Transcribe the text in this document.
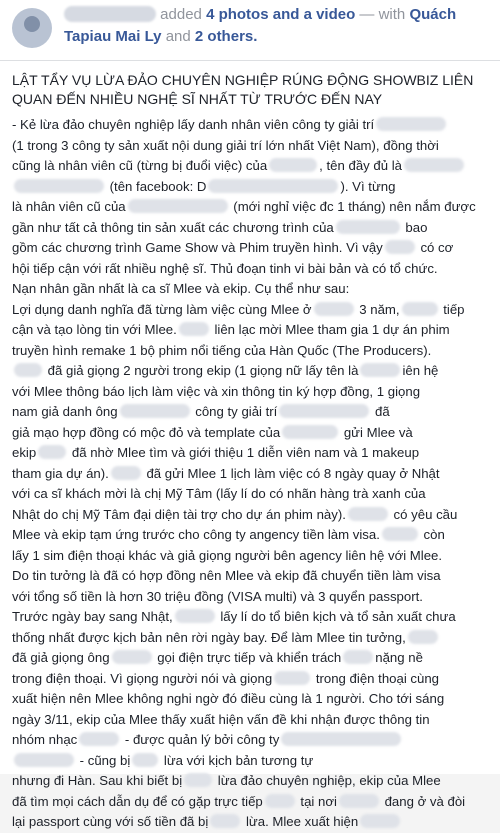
added 4 photos and a video — with Quách Tapiau Mai Ly and 2 others.
LẬT TẨY VỤ LỪA ĐẢO CHUYÊN NGHIỆP RÚNG ĐỘNG SHOWBIZ LIÊN
QUAN ĐẾN NHIỀU NGHỆ SĨ NHẤT TỪ TRƯỚC ĐẾN NAY
- Kẻ lừa đảo chuyên nghiệp lấy danh nhân viên công ty giải trí
(1 trong 3 công ty sản xuất nội dung giải trí lớn nhất Việt Nam), đồng thời
cũng là nhân viên cũ (từng bị đuổi việc) của	, tên đầy đủ là
(tên facebook: D	). Vì từng
là nhân viên cũ của	(mới nghỉ việc đc 1 tháng) nên nắm được
gần như tất cả thông tin sản xuất các chương trình của	bao
gồm các chương trình Game Show và Phim truyền hình. Vì vậy	có cơ
hội tiếp cận với rất nhiều nghệ sĩ. Thủ đoạn tinh vi bài bản và có tổ chức.
Nạn nhân gần nhất là ca sĩ Mlee và ekip. Cụ thể như sau:
Lợi dụng danh nghĩa đã từng làm việc cùng Mlee ở	3 năm,	tiếp
cận và tạo lòng tin với Mlee.	liên lạc mời Mlee tham gia 1 dự án phim
truyền hình remake 1 bộ phim nổi tiếng của Hàn Quốc (The Producers).
đã giả giọng 2 người trong ekip (1 giọng nữ lấy tên là	iên hệ
với Mlee thông báo lịch làm việc và xin thông tin ký hợp đồng, 1 giọng
nam giả danh ông	công ty giải trí	đã
giả mạo hợp đồng có mộc đỏ và template của	gửi Mlee và
ekip đã nhờ Mlee tìm và giới thiệu 1 diễn viên nam và 1 makeup
tham gia dự án).	đã gửi Mlee 1 lịch làm việc có 8 ngày quay ở Nhật
với ca sĩ khách mời là chị Mỹ Tâm (lấy lí do có nhãn hàng trà xanh của
Nhật do chị Mỹ Tâm đại diện tài trợ cho dự án phim này).	có yêu cầu
Mlee và ekip tạm ứng trước cho công ty angency tiền làm visa.	còn
lấy 1 sim điện thoại khác và giả giọng người bên agency liên hệ với Mlee.
Do tin tưởng là đã có hợp đồng nên Mlee và ekip đã chuyển tiền làm visa
với tổng số tiền là hơn 30 triệu đồng (VISA multi) và 3 quyển passport.
Trước ngày bay sang Nhật,	lấy lí do tổ biên kịch và tổ sản xuất chưa
thống nhất được kịch bản nên rời ngày bay. Để làm Mlee tin tưởng,
đã giả giọng ông	gọi điện trực tiếp và khiển trách	nặng nề
trong điện thoại. Vì giọng người nói và giọng	trong điện thoại cùng
xuất hiện nên Mlee không nghi ngờ đó điều cùng là 1 người. Cho tới sáng
ngày 3/11, ekip của Mlee thấy xuất hiện vấn đề khi nhận được thông tin
nhóm nhạc	- được quản lý bởi công ty
- cũng bị lừa với kịch bản tương tự
nhưng đi Hàn. Sau khi biết bị lừa đảo chuyên nghiệp, ekip của Mlee
đã tìm mọi cách dẫn dụ để có gặp trực tiếp	tại nơi	đang ở và đòi
lại passport cùng với số tiền đã bị	lừa. Mlee xuất hiện
